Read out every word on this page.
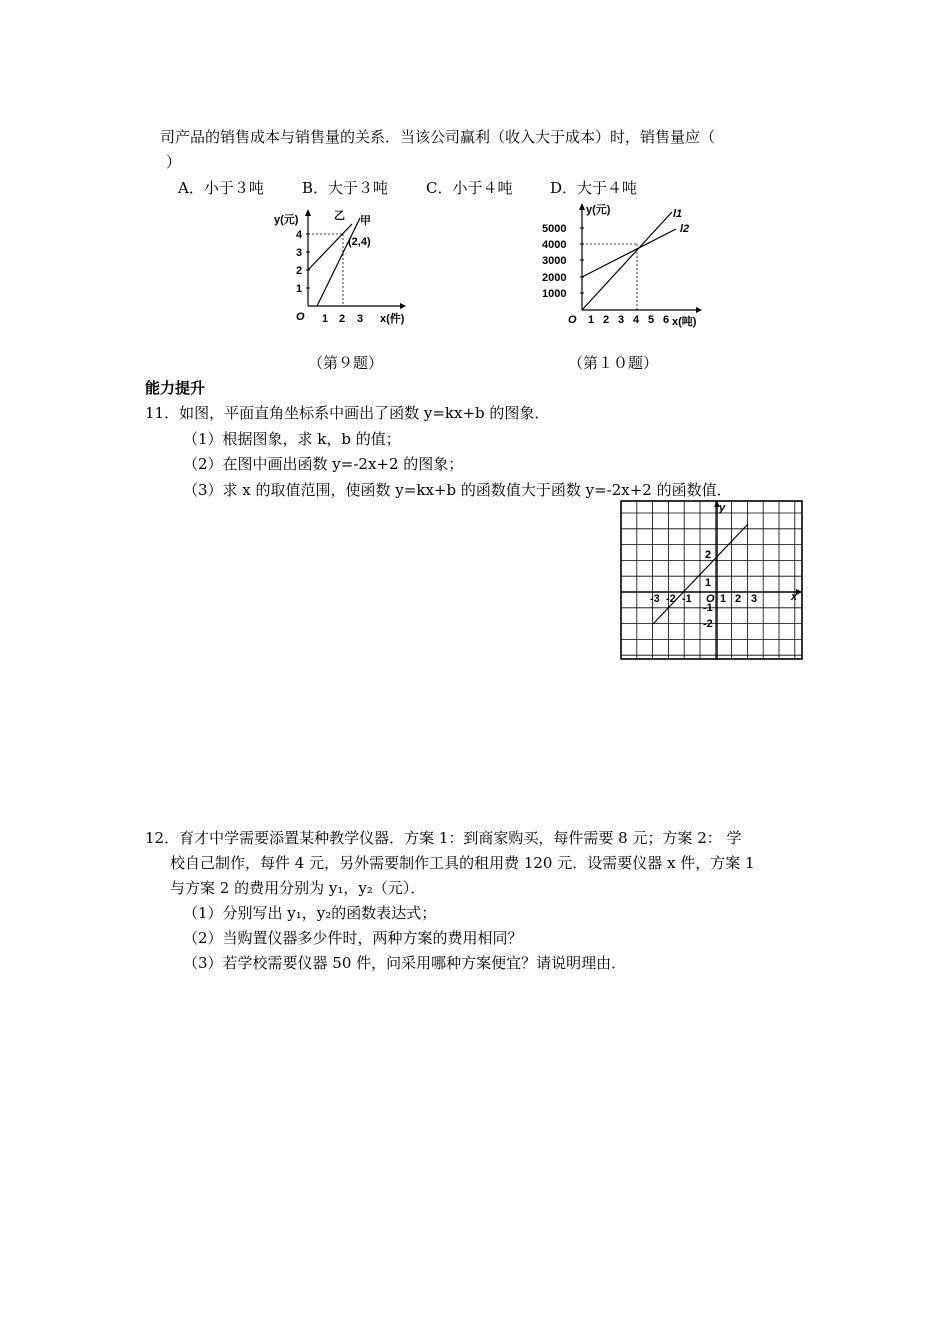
司产品的销售成本与销售量的关系．当该公司赢利（收入大于成本）时，销售量应（
）
A．小于３吨	B．大于３吨	C．小于４吨	D．大于４吨
y(元)
x(件)
O 1 2 3
1
2
3
4
乙 甲
(2,4)
y(元)
x(吨)
O 1 2 3 4 5 6
1000
2000
3000
4000
5000
l1
l2
（第９题）	（第１０题）
能力提升
11．如图，平面直角坐标系中画出了函数 y=kx+b 的图象．
（1）根据图象，求 k，b 的值；
（2）在图中画出函数 y=-2x+2 的图象；
（3）求 x 的取值范围，使函数 y=kx+b 的函数值大于函数 y=-2x+2 的函数值．
x
y
O
-3 -2 -1	1 2 3
2
1
-1
-2
12．育才中学需要添置某种教学仪器．方案 1：到商家购买，每件需要 8 元；方案 2： 学
校自己制作，每件 4 元，另外需要制作工具的租用费 120 元．设需要仪器 x 件，方案 1
与方案 2 的费用分别为 y₁，y₂（元）．
（1）分别写出 y₁，y₂的函数表达式；
（2）当购置仪器多少件时，两种方案的费用相同？
（3）若学校需要仪器 50 件，问采用哪种方案便宜？请说明理由．
